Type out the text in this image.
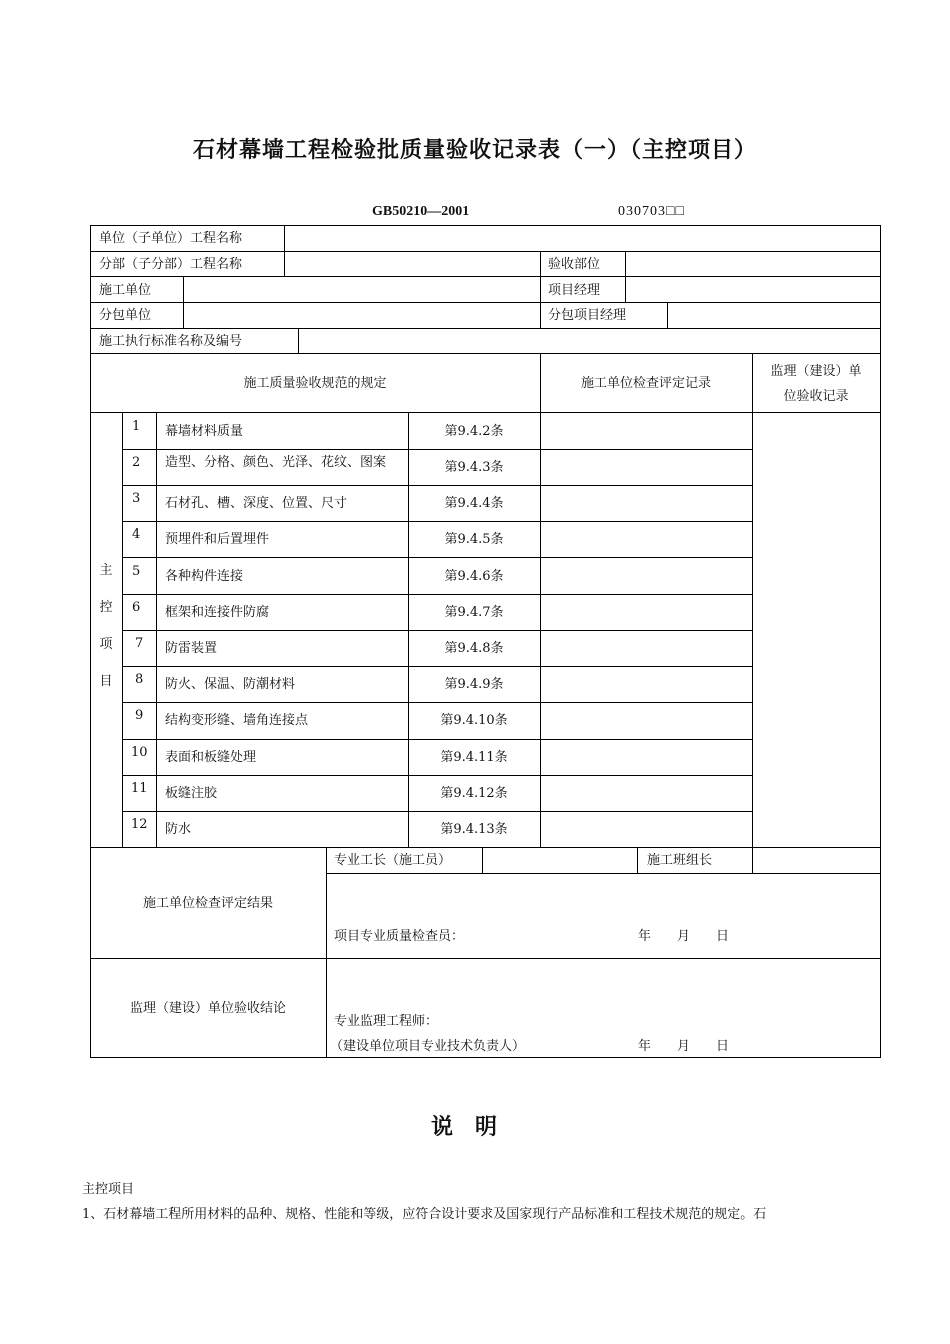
石材幕墙工程检验批质量验收记录表（一）（主控项目）
GB50210—2001	030703□□
单位（子单位）工程名称
分部（子分部）工程名称	验收部位
施工单位	项目经理
分包单位	分包项目经理
施工执行标准名称及编号
施工质量验收规范的规定	施工单位检查评定记录
监理（建设）单
位验收记录
主
控
项
目
1 幕墙材料质量	第9.4.2条
2 造型、分格、颜色、光泽、花纹、图案	第9.4.3条
3 石材孔、槽、深度、位置、尺寸	第9.4.4条
4 预埋件和后置埋件	第9.4.5条
5 各种构件连接	第9.4.6条
6 框架和连接件防腐	第9.4.7条
7 防雷装置	第9.4.8条
8 防火、保温、防潮材料	第9.4.9条
9 结构变形缝、墙角连接点	第9.4.10条
10 表面和板缝处理	第9.4.11条
11 板缝注胶	第9.4.12条
12 防水	第9.4.13条
施工单位检查评定结果
专业工长（施工员）	施工班组长
项目专业质量检查员：	年　　月　　日
监理（建设）单位验收结论
专业监理工程师：
（建设单位项目专业技术负责人）	年　　月　　日
说明
主控项目
1、石材幕墙工程所用材料的品种、规格、性能和等级，应符合设计要求及国家现行产品标准和工程技术规范的规定。石
